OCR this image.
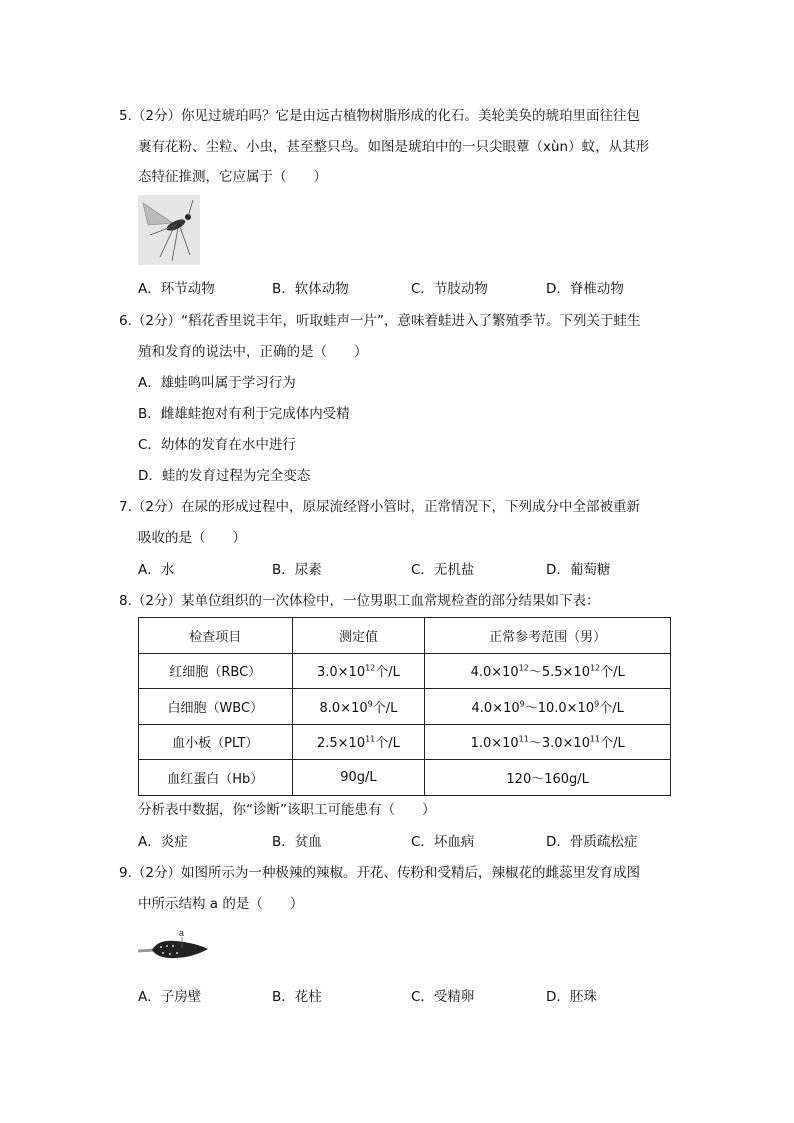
5.（2分）你见过琥珀吗？它是由远古植物树脂形成的化石。美轮美奂的琥珀里面往往包
裹有花粉、尘粒、小虫，甚至整只鸟。如图是琥珀中的一只尖眼蕈（xùn）蚊，从其形
态特征推测，它应属于（　　）
A．环节动物	B．软体动物	C．节肢动物	D．脊椎动物
6.（2分）“稻花香里说丰年，听取蛙声一片”，意味着蛙进入了繁殖季节。下列关于蛙生
殖和发育的说法中，正确的是（　　）
A．雄蛙鸣叫属于学习行为
B．雌雄蛙抱对有利于完成体内受精
C．幼体的发育在水中进行
D．蛙的发育过程为完全变态
7.（2分）在尿的形成过程中，原尿流经肾小管时，正常情况下，下列成分中全部被重新
吸收的是（　　）
A．水	B．尿素	C．无机盐	D．葡萄糖
8.（2分）某单位组织的一次体检中，一位男职工血常规检查的部分结果如下表：
检查项目	测定值	正常参考范围（男）
红细胞（RBC）	$3.0\times 10^{12}$个/L	$4.0\times 10^{12}\sim 5.5\times 10^{12}$个/L
白细胞（WBC）	$8.0\times 10^9$个/L	$4.0\times 10^9\sim 10.0\times 10^9$个/L
血小板（PLT）	$2.5\times 10^{11}$个/L	$1.0\times 10^{11}\sim 3.0\times 10^{11}$个/L
血红蛋白（Hb）	90g/L	120～160g/L
分析表中数据，你“诊断”该职工可能患有（　　）
A．炎症	B．贫血	C．坏血病	D．骨质疏松症
9.（2分）如图所示为一种极辣的辣椒。开花、传粉和受精后，辣椒花的雌蕊里发育成图
中所示结构 a 的是（　　）
a
A．子房壁	B．花柱	C．受精卵	D．胚珠
